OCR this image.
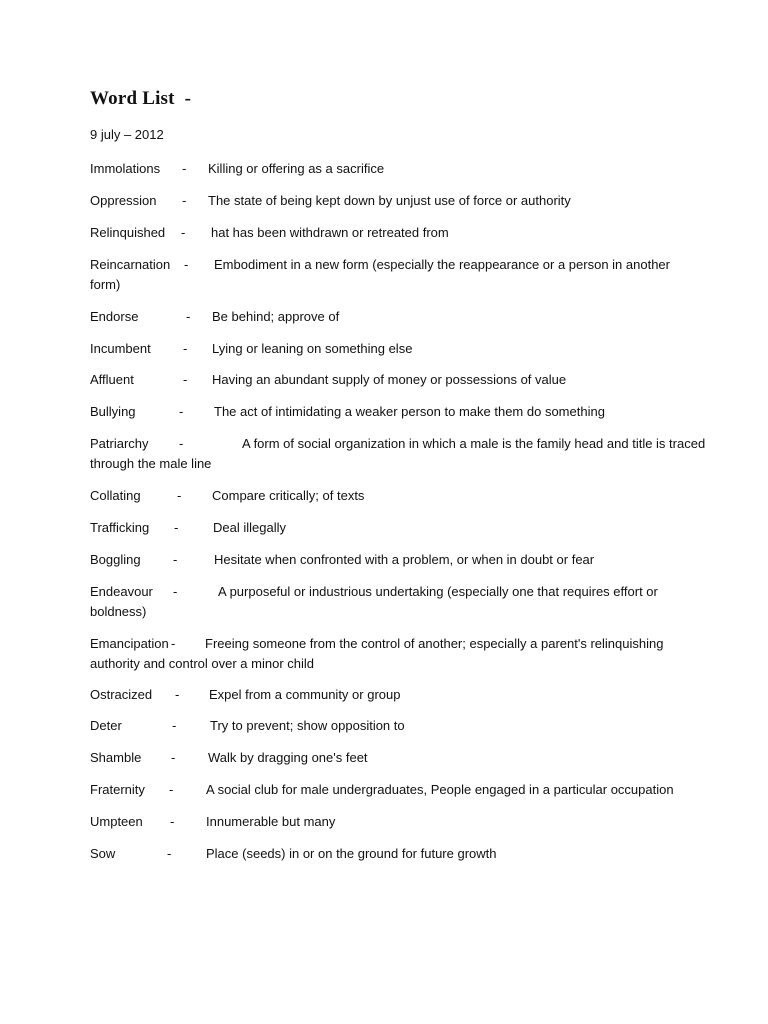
Word List  -
9 july – 2012
Immolations - Killing or offering as a sacrifice
Oppression - The state of being kept down by unjust use of force or authority
Relinquished - hat has been withdrawn or retreated from
Reincarnation - Embodiment in a new form (especially the reappearance or a person in another
form)
Endorse	- Be behind; approve of
Incumbent - Lying or leaning on something else
Affluent	- Having an abundant supply of money or possessions of value
Bullying	- The act of intimidating a weaker person to make them do something
Patriarchy -	A form of social organization in which a male is the family head and title is traced
through the male line
Collating	- Compare critically; of texts
Trafficking -	Deal illegally
Boggling -	Hesitate when confronted with a problem, or when in doubt or fear
Endeavour -	A purposeful or industrious undertaking (especially one that requires effort or
boldness)
Emancipation - Freeing someone from the control of another; especially a parent's relinquishing
authority and control over a minor child
Ostracized - Expel from a community or group
Deter	-	Try to prevent; show opposition to
Shamble -	Walk by dragging one's feet
Fraternity -	A social club for male undergraduates, People engaged in a particular occupation
Umpteen - Innumerable but many
Sow	-	Place (seeds) in or on the ground for future growth
